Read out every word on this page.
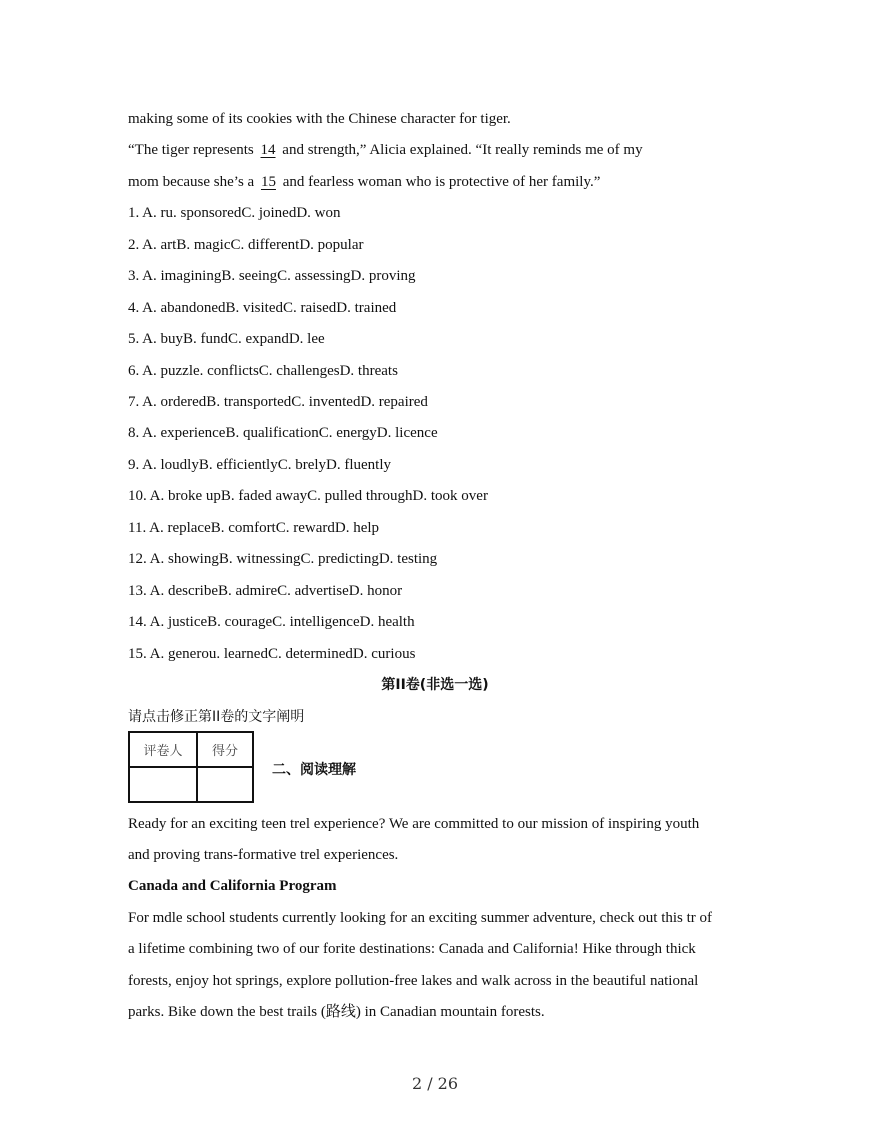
making some of its cookies with the Chinese character for tiger.
“The tiger represents 14 and strength,” Alicia explained. “It really reminds me of my
mom because she’s a 15 and fearless woman who is protective of her family.”
1. A. ru. sponsoredC. joinedD. won
2. A. artB. magicC. differentD. popular
3. A. imaginingB. seeingC. assessingD. proving
4. A. abandonedB. visitedC. raisedD. trained
5. A. buyB. fundC. expandD. lee
6. A. puzzle. conflictsC. challengesD. threats
7. A. orderedB. transportedC. inventedD. repaired
8. A. experienceB. qualificationC. energyD. licence
9. A. loudlyB. efficientlyC. brelyD. fluently
10. A. broke upB. faded awayC. pulled throughD. took over
11. A. replaceB. comfortC. rewardD. help
12. A. showingB. witnessingC. predictingD. testing
13. A. describeB. admireC. advertiseD. honor
14. A. justiceB. courageC. intelligenceD. health
15. A. generou. learnedC. determinedD. curious
第II卷(非选一选)
请点击修正第II卷的文字阐明
评卷人	得分

二、阅读理解
Ready for an exciting teen trel experience? We are committed to our mission of inspiring youth
and proving trans-formative trel experiences.
Canada and California Program
For mdle school students currently looking for an exciting summer adventure, check out this tr of
a lifetime combining two of our forite destinations: Canada and California! Hike through thick
forests, enjoy hot springs, explore pollution-free lakes and walk across in the beautiful national
parks. Bike down the best trails (路线) in Canadian mountain forests.
2 / 26
